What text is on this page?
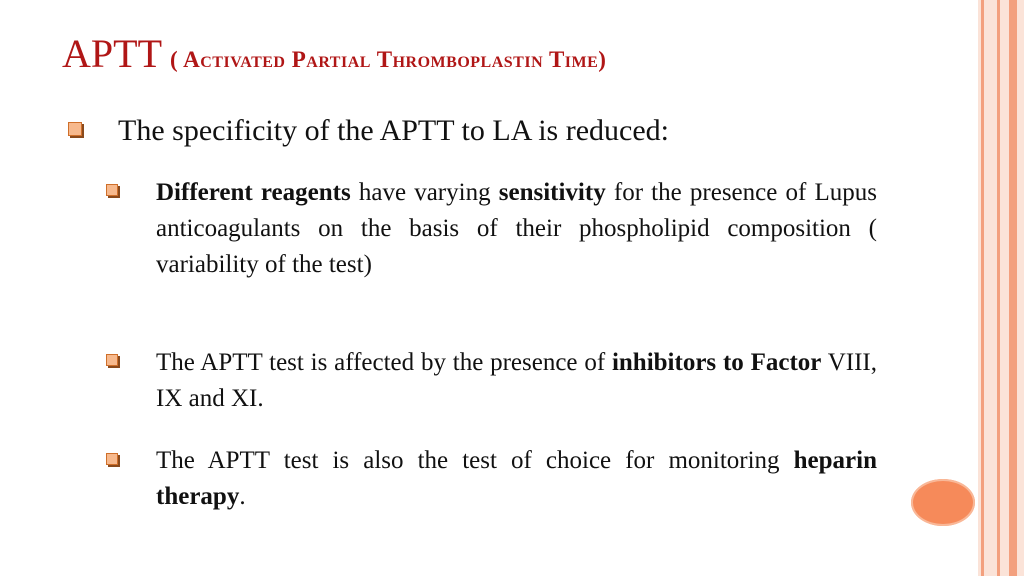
APTT ( Activated Partial Thromboplastin Time)
The specificity of the APTT to LA is reduced:
Different reagents have varying sensitivity for the presence of Lupus anticoagulants on the basis of their phospholipid composition ( variability of the test)
The APTT test is affected by the presence of inhibitors to Factor VIII, IX and XI.
The APTT test is also the test of choice for monitoring heparin therapy.
